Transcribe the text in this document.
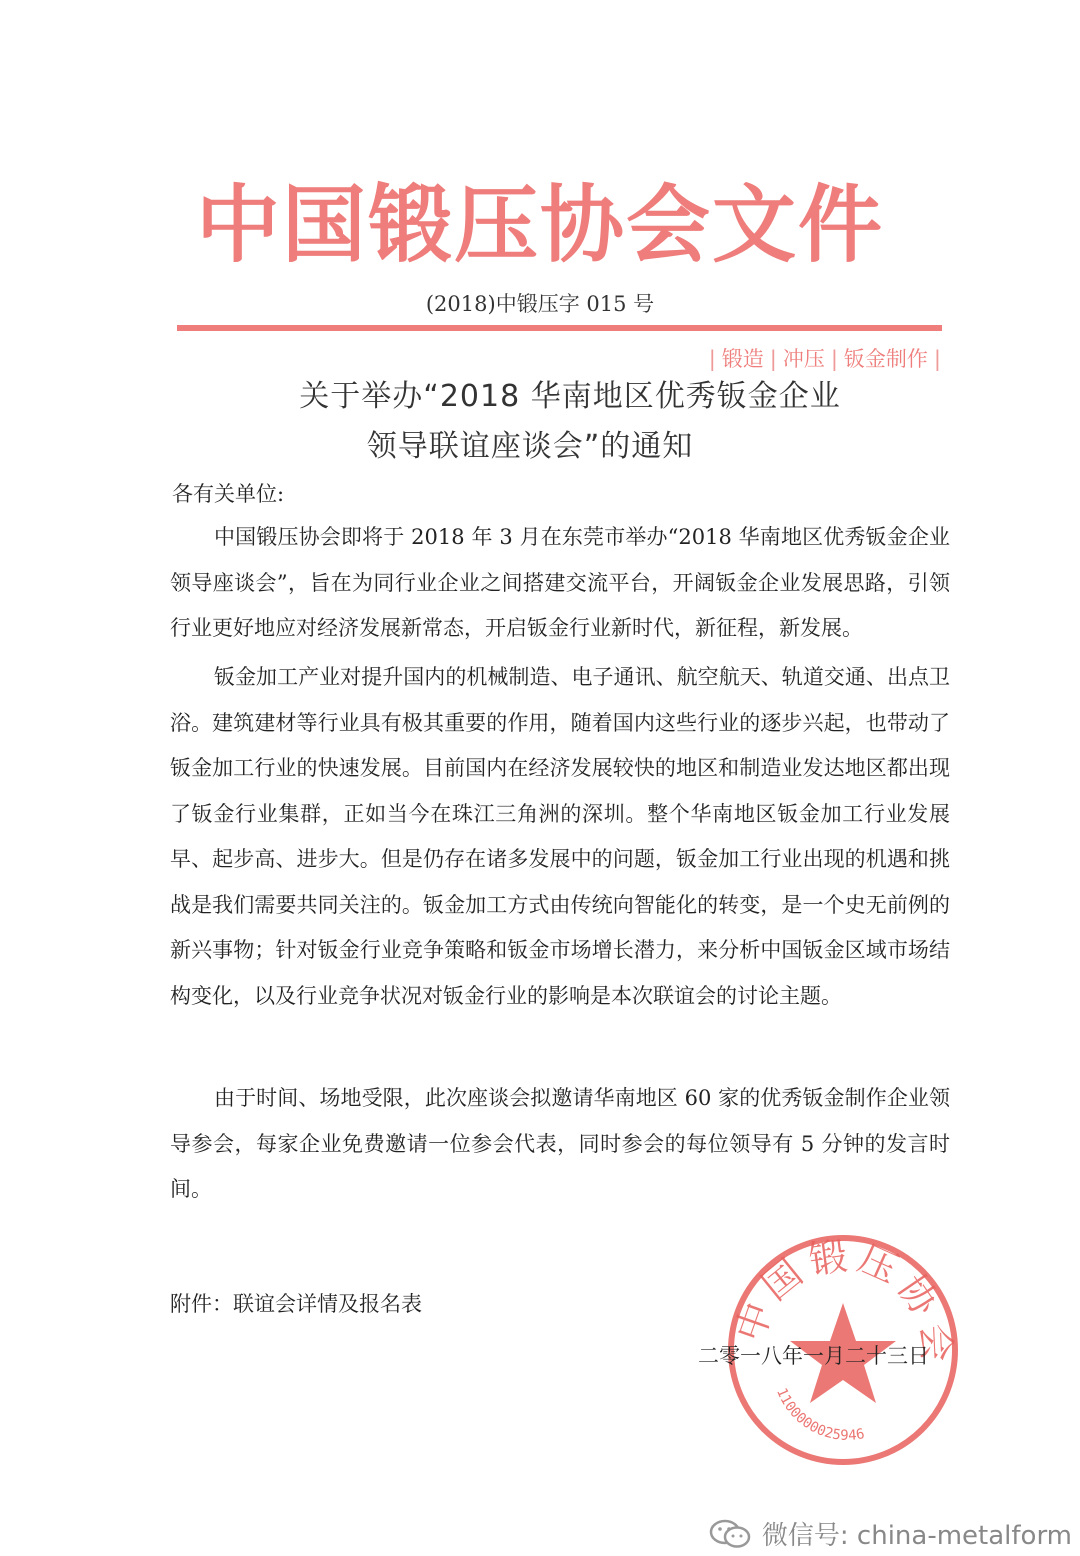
中国锻压协会文件
(2018)中锻压字 015 号
| 锻造 | 冲压 | 钣金制作 |
关于举办“2018 华南地区优秀钣金企业
领导联谊座谈会”的通知
各有关单位:
中国锻压协会即将于 2018 年 3 月在东莞市举办“2018 华南地区优秀钣金企业领导座谈会”，旨在为同行业企业之间搭建交流平台，开阔钣金企业发展思路，引领行业更好地应对经济发展新常态，开启钣金行业新时代，新征程，新发展。
钣金加工产业对提升国内的机械制造、电子通讯、航空航天、轨道交通、出点卫浴。建筑建材等行业具有极其重要的作用，随着国内这些行业的逐步兴起，也带动了钣金加工行业的快速发展。目前国内在经济发展较快的地区和制造业发达地区都出现了钣金行业集群，正如当今在珠江三角洲的深圳。整个华南地区钣金加工行业发展早、起步高、进步大。但是仍存在诸多发展中的问题，钣金加工行业出现的机遇和挑战是我们需要共同关注的。钣金加工方式由传统向智能化的转变，是一个史无前例的新兴事物；针对钣金行业竞争策略和钣金市场增长潜力，来分析中国钣金区域市场结构变化，以及行业竞争状况对钣金行业的影响是本次联谊会的讨论主题。
由于时间、场地受限，此次座谈会拟邀请华南地区 60 家的优秀钣金制作企业领导参会，每家企业免费邀请一位参会代表，同时参会的每位领导有 5 分钟的发言时间。
附件：联谊会详情及报名表	中国锻压协会
1100000025946
二零一八年一月二十三日
微信号: china-metalform
